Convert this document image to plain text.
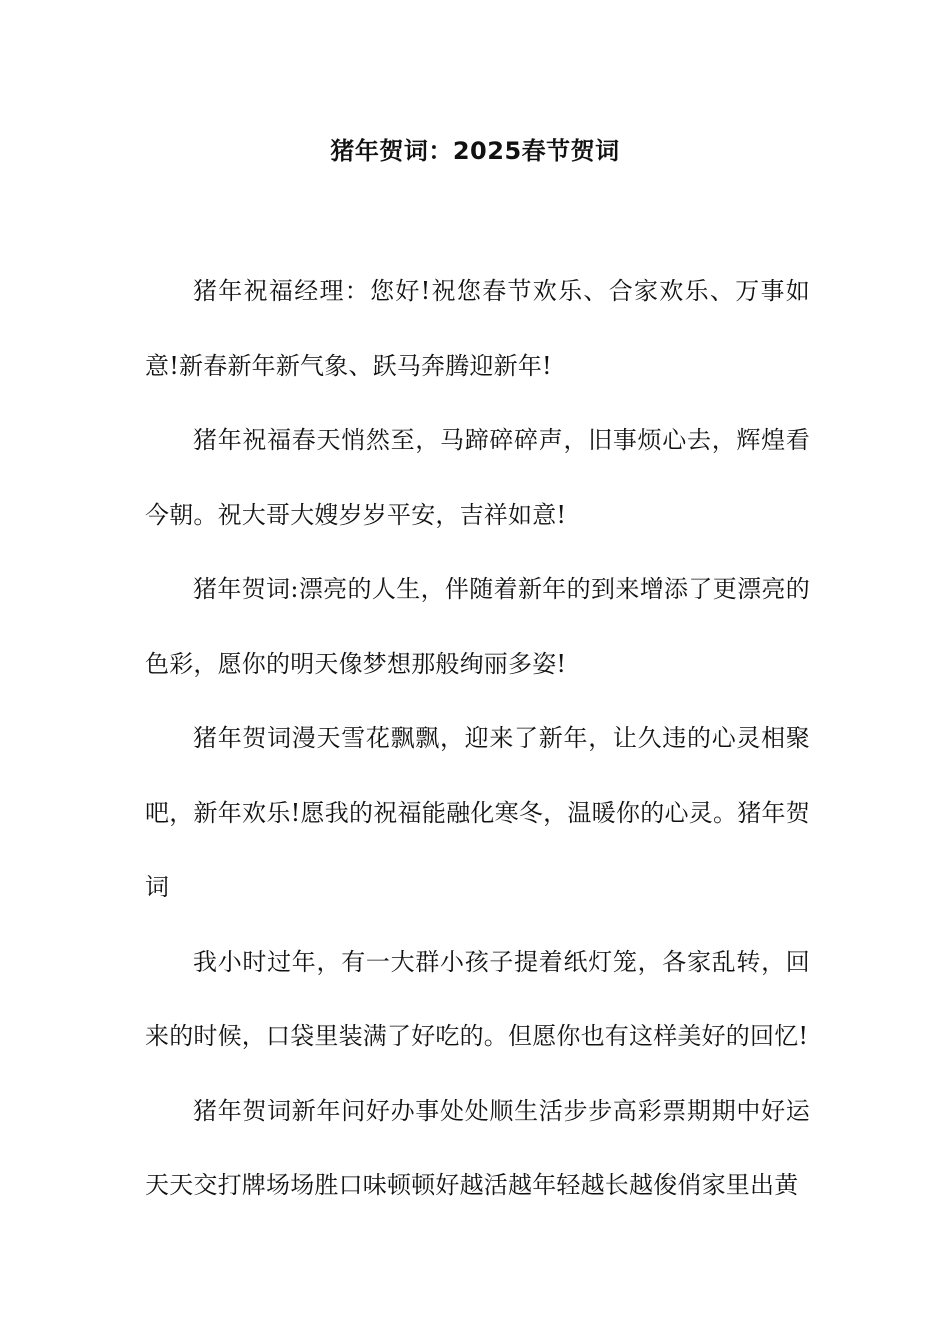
猪年贺词：2025春节贺词

猪年祝福经理：您好!祝您春节欢乐、合家欢乐、万事如意!新春新年新气象、跃马奔腾迎新年!

猪年祝福春天悄然至，马蹄碎碎声，旧事烦心去，辉煌看今朝。祝大哥大嫂岁岁平安，吉祥如意!

猪年贺词:漂亮的人生，伴随着新年的到来增添了更漂亮的色彩，愿你的明天像梦想那般绚丽多姿!

猪年贺词漫天雪花飘飘，迎来了新年，让久违的心灵相聚吧，新年欢乐!愿我的祝福能融化寒冬，温暖你的心灵。猪年贺词

我小时过年，有一大群小孩子提着纸灯笼，各家乱转，回来的时候，口袋里装满了好吃的。但愿你也有这样美好的回忆!

猪年贺词新年问好办事处处顺生活步步高彩票期期中好运天天交打牌场场胜口味顿顿好越活越年轻越长越俊俏家里出黄
